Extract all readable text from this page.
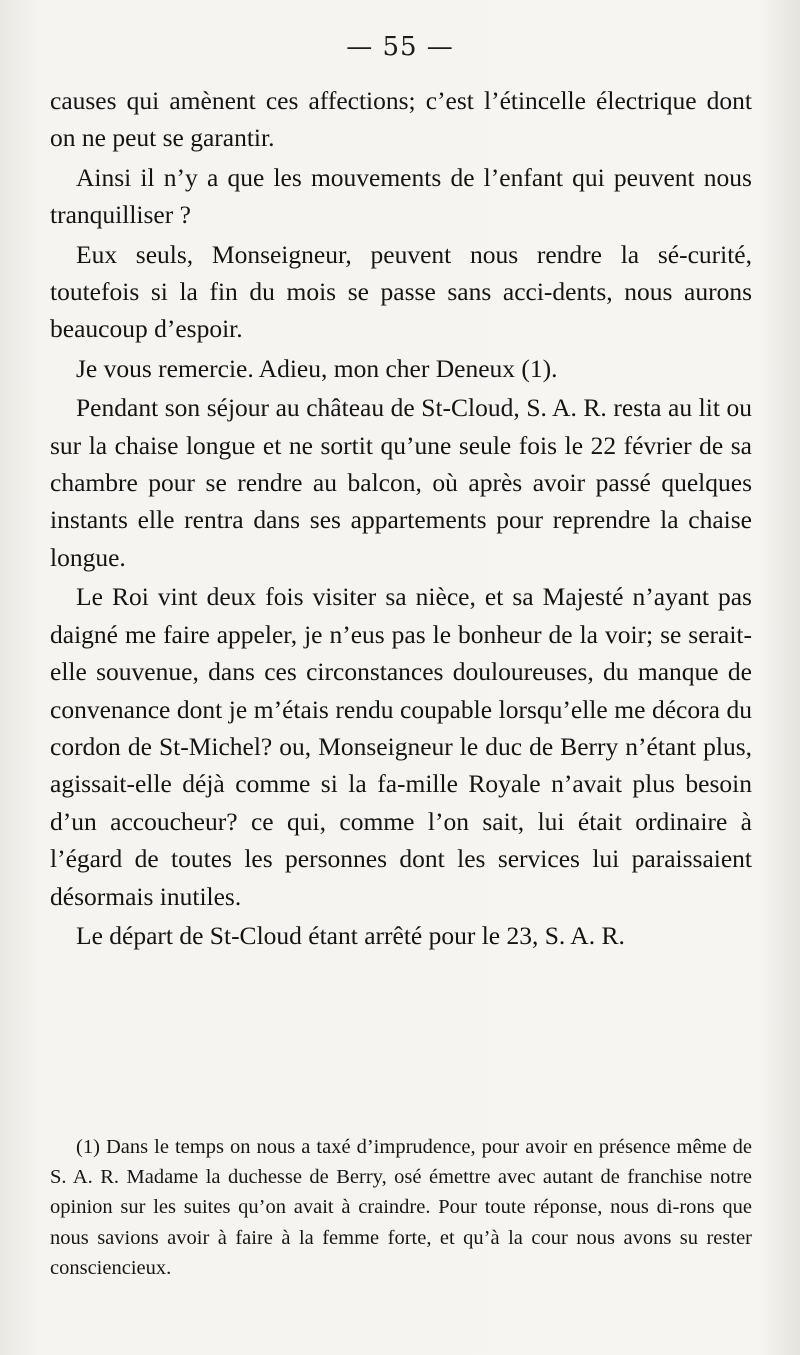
— 55 —

causes qui amènent ces affections; c’est l’étincelle électrique dont on ne peut se garantir.

Ainsi il n’y a que les mouvements de l’enfant qui peuvent nous tranquilliser ?

Eux seuls, Monseigneur, peuvent nous rendre la sé-curité, toutefois si la fin du mois se passe sans acci-dents, nous aurons beaucoup d’espoir.

Je vous remercie. Adieu, mon cher Deneux (1).

Pendant son séjour au château de St-Cloud, S. A. R. resta au lit ou sur la chaise longue et ne sortit qu’une seule fois le 22 février de sa chambre pour se rendre au balcon, où après avoir passé quelques instants elle rentra dans ses appartements pour reprendre la chaise longue.

Le Roi vint deux fois visiter sa nièce, et sa Majesté n’ayant pas daigné me faire appeler, je n’eus pas le bonheur de la voir; se serait-elle souvenue, dans ces circonstances douloureuses, du manque de convenance dont je m’étais rendu coupable lorsqu’elle me décora du cordon de St-Michel? ou, Monseigneur le duc de Berry n’étant plus, agissait-elle déjà comme si la fa-mille Royale n’avait plus besoin d’un accoucheur? ce qui, comme l’on sait, lui était ordinaire à l’égard de toutes les personnes dont les services lui paraissaient désormais inutiles.

Le départ de St-Cloud étant arrêté pour le 23, S. A. R.

(1) Dans le temps on nous a taxé d’imprudence, pour avoir en présence même de S. A. R. Madame la duchesse de Berry, osé émettre avec autant de franchise notre opinion sur les suites qu’on avait à craindre. Pour toute réponse, nous di-rons que nous savions avoir à faire à la femme forte, et qu’à la cour nous avons su rester consciencieux.
